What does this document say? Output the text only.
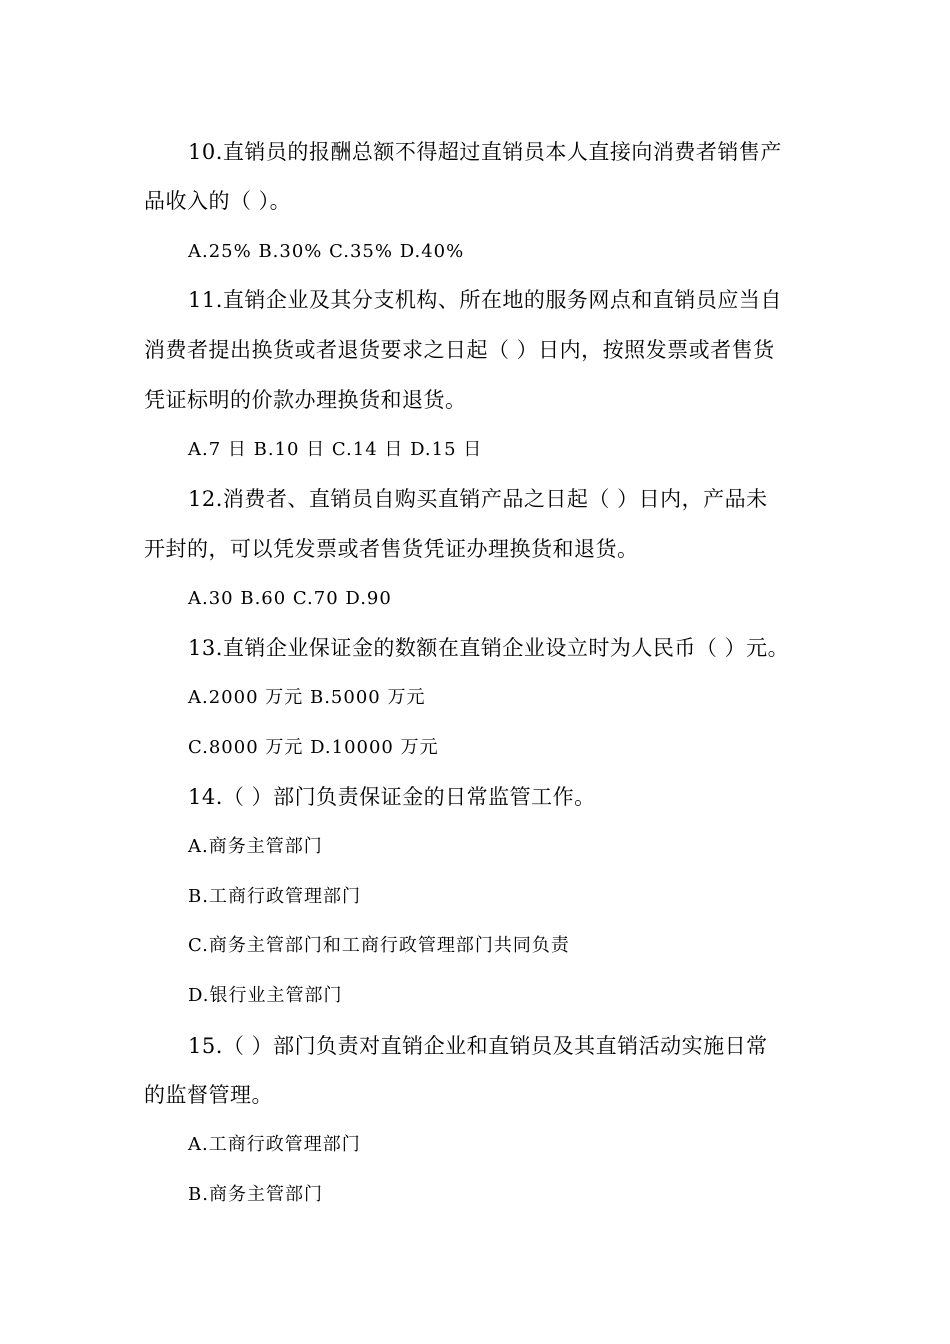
10.直销员的报酬总额不得超过直销员本人直接向消费者销售产

品收入的（ ）。

A.25% B.30% C.35% D.40%

11.直销企业及其分支机构、所在地的服务网点和直销员应当自

消费者提出换货或者退货要求之日起（ ）日内，按照发票或者售货

凭证标明的价款办理换货和退货。

A.7 日 B.10 日 C.14 日 D.15 日

12.消费者、直销员自购买直销产品之日起（ ）日内，产品未

开封的，可以凭发票或者售货凭证办理换货和退货。

A.30 B.60 C.70 D.90

13.直销企业保证金的数额在直销企业设立时为人民币（ ）元。

A.2000 万元 B.5000 万元

C.8000 万元 D.10000 万元

14.（ ）部门负责保证金的日常监管工作。

A.商务主管部门

B.工商行政管理部门

C.商务主管部门和工商行政管理部门共同负责

D.银行业主管部门

15.（ ）部门负责对直销企业和直销员及其直销活动实施日常

的监督管理。

A.工商行政管理部门

B.商务主管部门
